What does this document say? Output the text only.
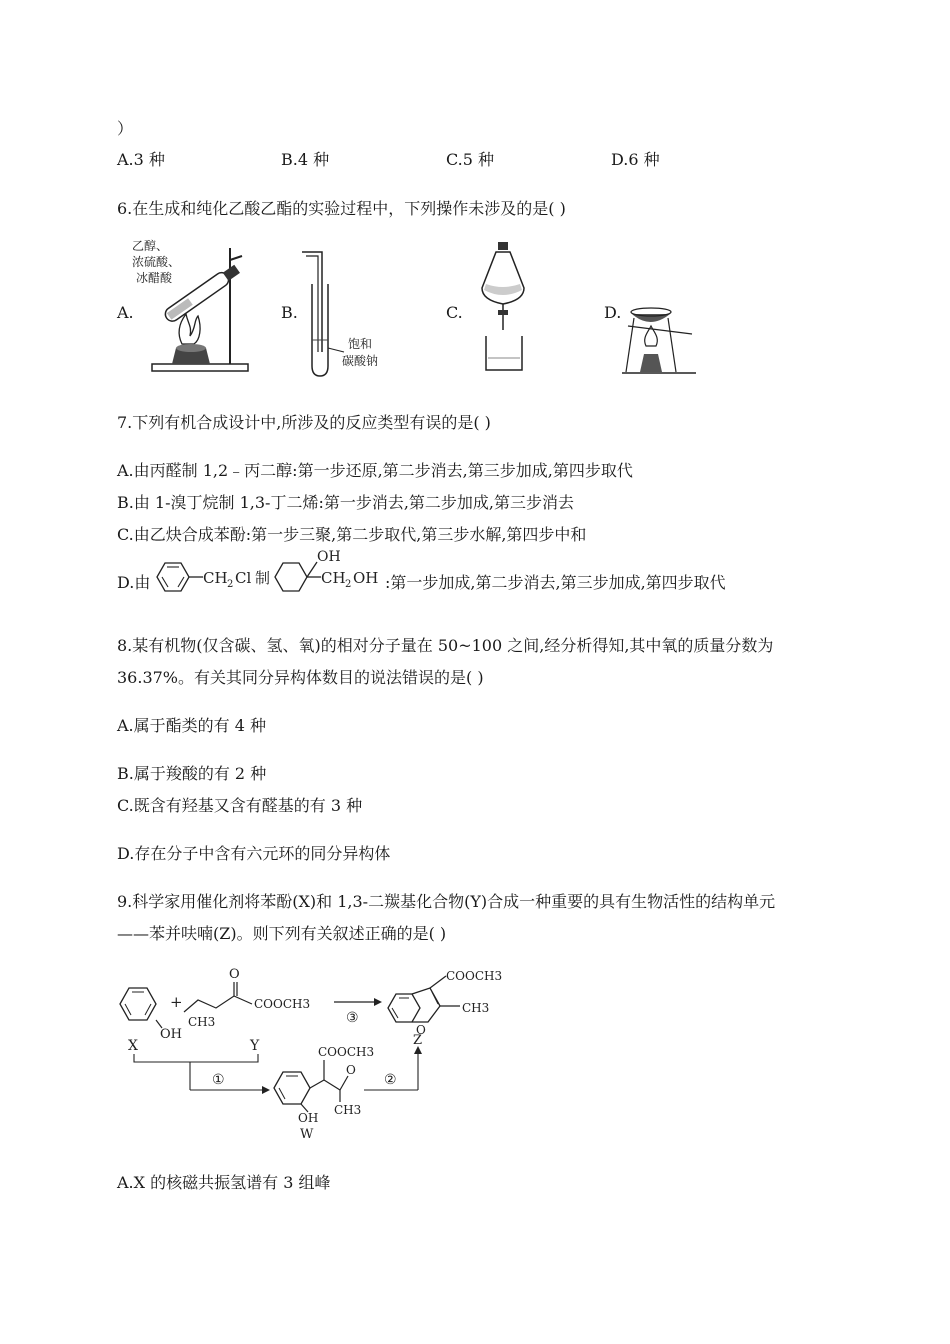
）
A.3 种	B.4 种	C.5 种	D.6 种
6.在生成和纯化乙酸乙酯的实验过程中，下列操作未涉及的是( )
A.	B.	C.	D.
乙醇、
浓硫酸、
冰醋酸
饱和
碳酸钠
7.下列有机合成设计中,所涉及的反应类型有误的是( )
A.由丙醛制 1,2﹣丙二醇:第一步还原,第二步消去,第三步加成,第四步取代
B.由 1-溴丁烷制 1,3-丁二烯:第一步消去,第二步加成,第三步消去
C.由乙炔合成苯酚:第一步三聚,第二步取代,第三步水解,第四步中和
D.由	CH 2 Cl 制
OH
CH 2 OH :第一步加成,第二步消去,第三步加成,第四步取代
8.某有机物(仅含碳、氢、氧)的相对分子量在 50~100 之间,经分析得知,其中氧的质量分数为
36.37%。有关其同分异构体数目的说法错误的是( )
A.属于酯类的有 4 种
B.属于羧酸的有 2 种
C.既含有羟基又含有醛基的有 3 种
D.存在分子中含有六元环的同分异构体
9.科学家用催化剂将苯酚(X)和 1,3-二羰基化合物(Y)合成一种重要的具有生物活性的结构单元
——苯并呋喃(Z)。则下列有关叙述正确的是( )
OH
+
O
CH3
COOCH3
③
COOCH3
CH3
O
X	Y
①
COOCH3
O
CH3
OH
W
②
Z
A.X 的核磁共振氢谱有 3 组峰
